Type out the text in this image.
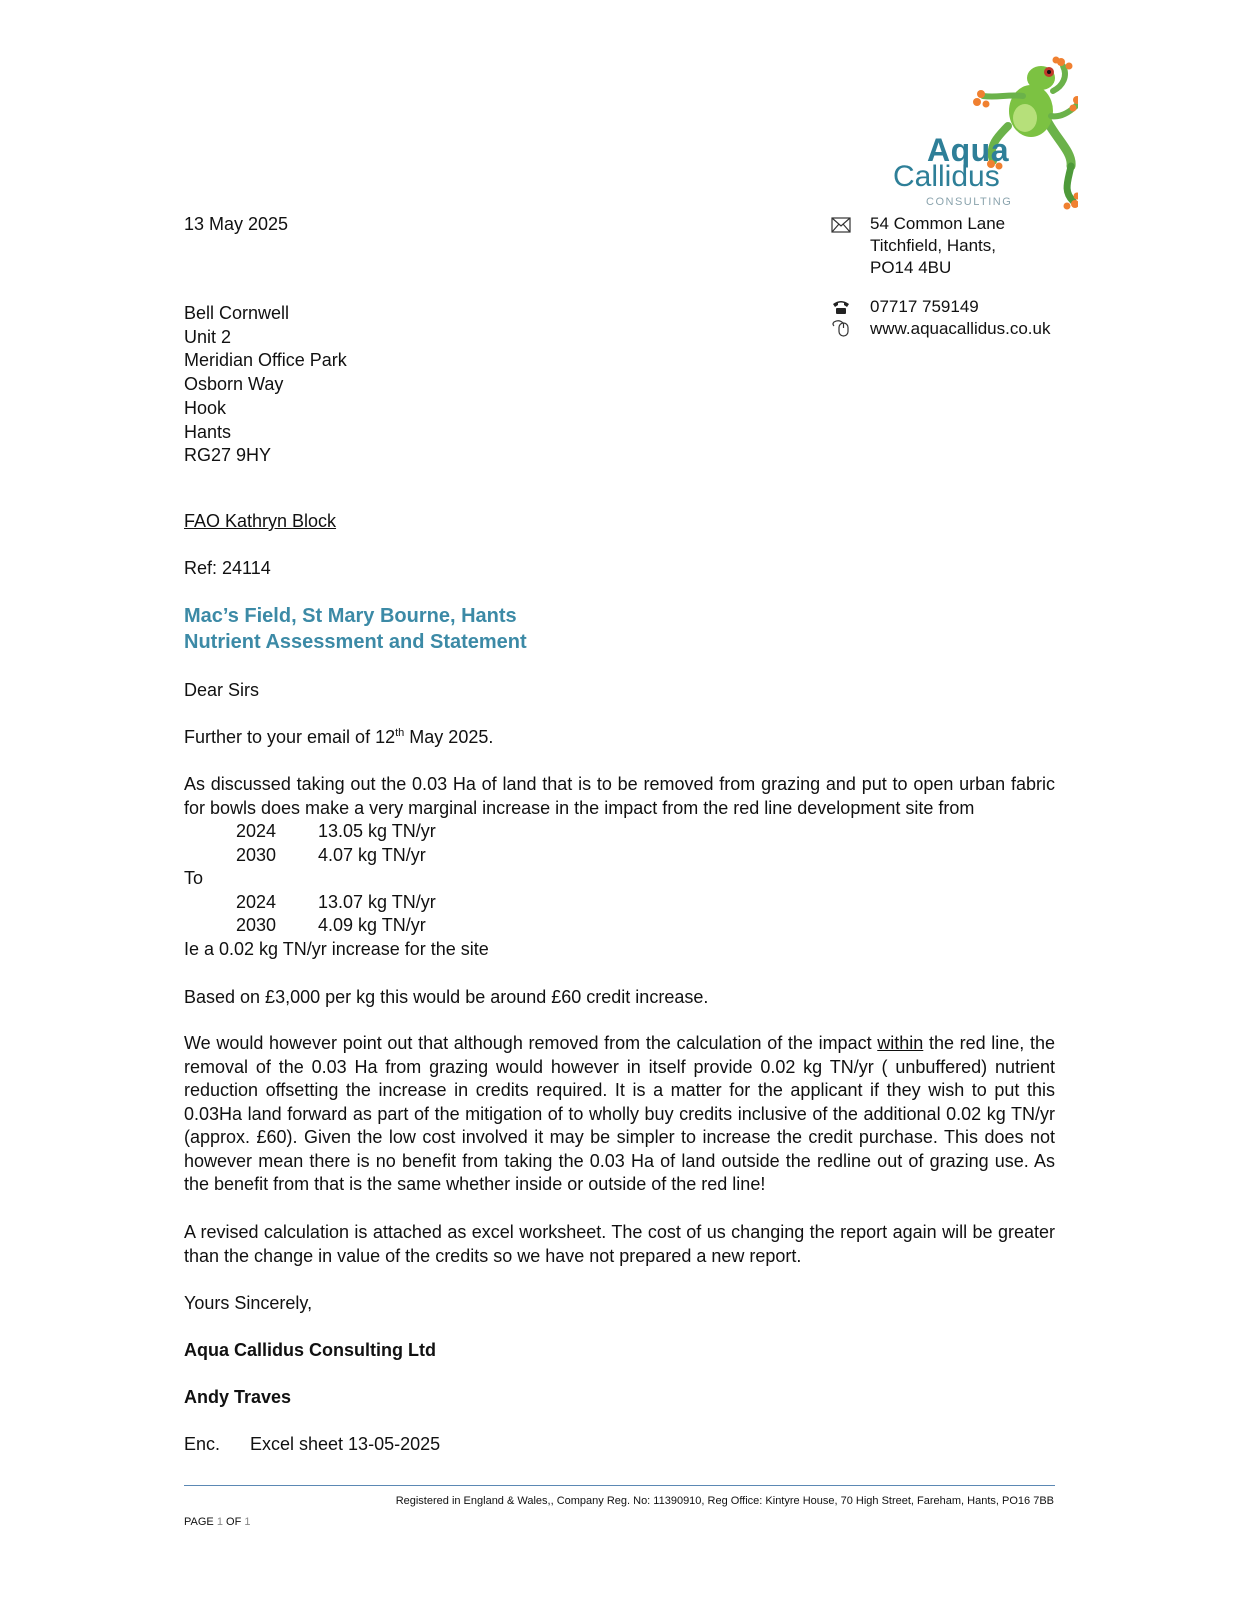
Aqua
Callidus
CONSULTING
13 May 2025	54 Common Lane
Titchfield, Hants,
PO14 4BU
07717 759149
www.aquacallidus.co.uk
Bell Cornwell
Unit 2
Meridian Office Park
Osborn Way
Hook
Hants
RG27 9HY
FAO Kathryn Block
Ref: 24114
Mac’s Field, St Mary Bourne, Hants
Nutrient Assessment and Statement
Dear Sirs
Further to your email of 12th May 2025.
As discussed taking out the 0.03 Ha of land that is to be removed from grazing and put to open urban fabric for bowls does make a very marginal increase in the impact from the red line development site from
2024 13.05 kg TN/yr
2030 4.07 kg TN/yr
To
2024 13.07 kg TN/yr
2030 4.09 kg TN/yr
Ie a 0.02 kg TN/yr increase for the site
Based on £3,000 per kg this would be around £60 credit increase.
We would however point out that although removed from the calculation of the impact within the red line, the removal of the 0.03 Ha from grazing would however in itself provide 0.02 kg TN/yr ( unbuffered) nutrient reduction offsetting the increase in credits required. It is a matter for the applicant if they wish to put this 0.03Ha land forward as part of the mitigation of to wholly buy credits inclusive of the additional 0.02 kg TN/yr (approx. £60). Given the low cost involved it may be simpler to increase the credit purchase. This does not however mean there is no benefit from taking the 0.03 Ha of land outside the redline out of grazing use. As the benefit from that is the same whether inside or outside of the red line!
A revised calculation is attached as excel worksheet. The cost of us changing the report again will be greater than the change in value of the credits so we have not prepared a new report.
Yours Sincerely,
Aqua Callidus Consulting Ltd
Andy Traves
Enc. Excel sheet 13-05-2025
Registered in England & Wales,, Company Reg. No: 11390910, Reg Office: Kintyre House, 70 High Street, Fareham, Hants, PO16 7BB
PAGE 1 OF 1
